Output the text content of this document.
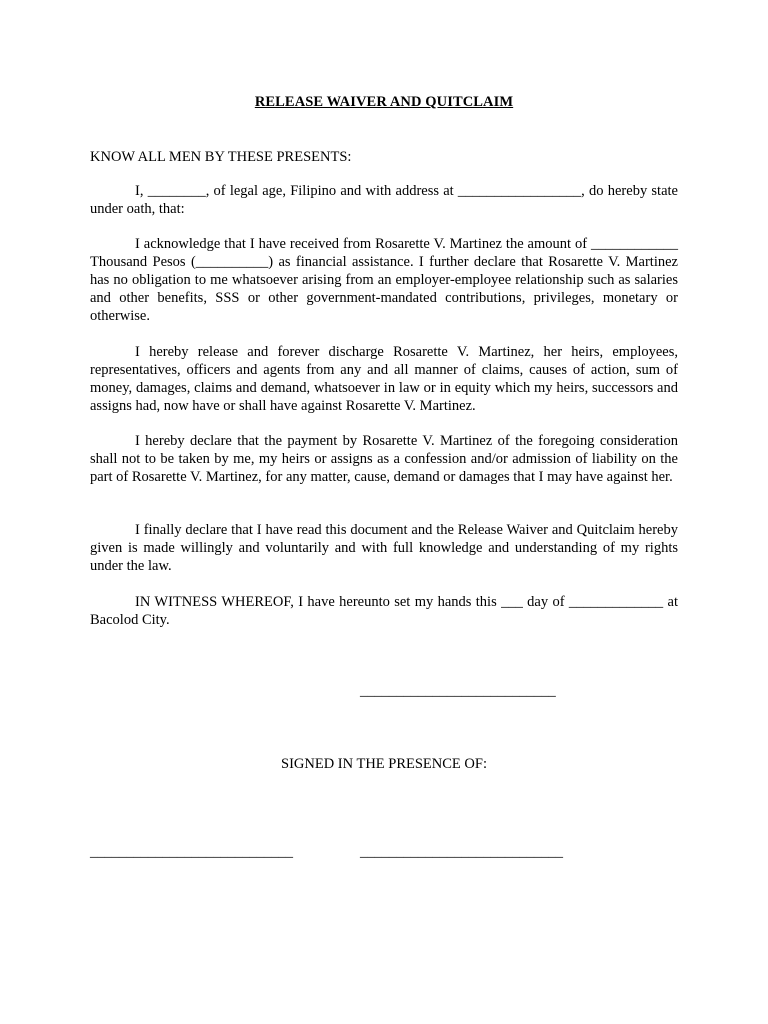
RELEASE WAIVER AND QUITCLAIM
KNOW ALL MEN BY THESE PRESENTS:
I, ________, of legal age, Filipino and with address at _________________, do hereby state under oath, that:
I acknowledge that I have received from Rosarette V. Martinez the amount of ____________ Thousand Pesos (__________) as financial assistance. I further declare that Rosarette V. Martinez has no obligation to me whatsoever arising from an employer-employee relationship such as salaries and other benefits, SSS or other government-mandated contributions, privileges, monetary or otherwise.
I hereby release and forever discharge Rosarette V. Martinez, her heirs, employees, representatives, officers and agents from any and all manner of claims, causes of action, sum of money, damages, claims and demand, whatsoever in law or in equity which my heirs, successors and assigns had, now have or shall have against Rosarette V. Martinez.
I hereby declare that the payment by Rosarette V. Martinez of the foregoing consideration shall not to be taken by me, my heirs or assigns as a confession and/or admission of liability on the part of Rosarette V. Martinez, for any matter, cause, demand or damages that I may have against her.
I finally declare that I have read this document and the Release Waiver and Quitclaim hereby given is made willingly and voluntarily and with full knowledge and understanding of my rights under the law.
IN WITNESS WHEREOF, I have hereunto set my hands this ___ day of _____________ at Bacolod City.
___________________________
SIGNED IN THE PRESENCE OF:
____________________________	____________________________
